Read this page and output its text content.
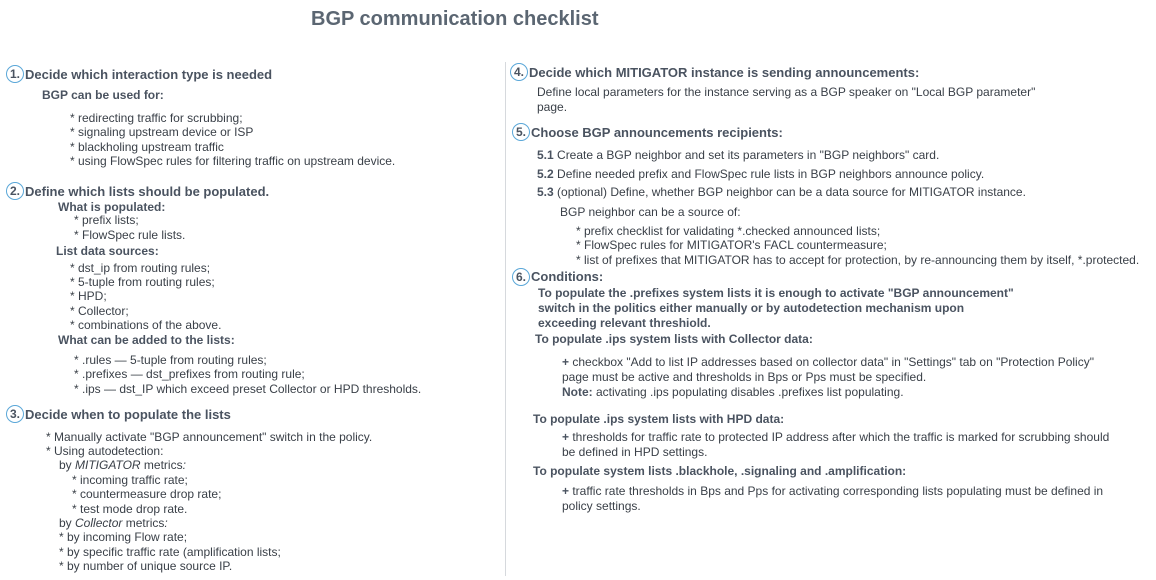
BGP communication checklist
1. Decide which interaction type is needed
BGP can be used for:
* redirecting traffic for scrubbing;
* signaling upstream device or ISP
* blackholing upstream traffic
* using FlowSpec rules for filtering traffic on upstream device.
2. Define which lists should be populated.
What is populated:
* prefix lists;
* FlowSpec rule lists.
List data sources:
* dst_ip from routing rules;
* 5-tuple from routing rules;
* HPD;
* Collector;
* combinations of the above.
What can be added to the lists:
* .rules — 5-tuple from routing rules;
* .prefixes — dst_prefixes from routing rule;
* .ips — dst_IP which exceed preset Collector or HPD thresholds.
3. Decide when to populate the lists
* Manually activate "BGP announcement" switch in the policy.
* Using autodetection:
by MITIGATOR metrics:
* incoming traffic rate;
* countermeasure drop rate;
* test mode drop rate.
by Collector metrics:
* by incoming Flow rate;
* by specific traffic rate (amplification lists;
* by number of unique source IP.
4. Decide which MITIGATOR instance is sending announcements:
Define local parameters for the instance serving as a BGP speaker on "Local BGP parameter" page.
5. Choose BGP announcements recipients:
5.1 Create a BGP neighbor and set its parameters in "BGP neighbors" card.
5.2 Define needed prefix and FlowSpec rule lists in BGP neighbors announce policy.
5.3 (optional) Define, whether BGP neighbor can be a data source for MITIGATOR instance.
BGP neighbor can be a source of:
* prefix checklist for validating *.checked announced lists;
* FlowSpec rules for MITIGATOR's FACL countermeasure;
* list of prefixes that MITIGATOR has to accept for protection, by re-announcing them by itself, *.protected.
6. Conditions:
To populate the .prefixes system lists it is enough to activate "BGP announcement" switch in the politics either manually or by autodetection mechanism upon exceeding relevant threshiold.
To populate .ips system lists with Collector data:
+ checkbox "Add to list IP addresses based on collector data" in "Settings" tab on "Protection Policy" page must be active and thresholds in Bps or Pps must be specified.
Note: activating .ips populating disables .prefixes list populating.
To populate .ips system lists with HPD data:
+ thresholds for traffic rate to protected IP address after which the traffic is marked for scrubbing should be defined in HPD settings.
To populate system lists .blackhole, .signaling and .amplification:
+ traffic rate thresholds in Bps and Pps for activating corresponding lists populating must be defined in policy settings.
